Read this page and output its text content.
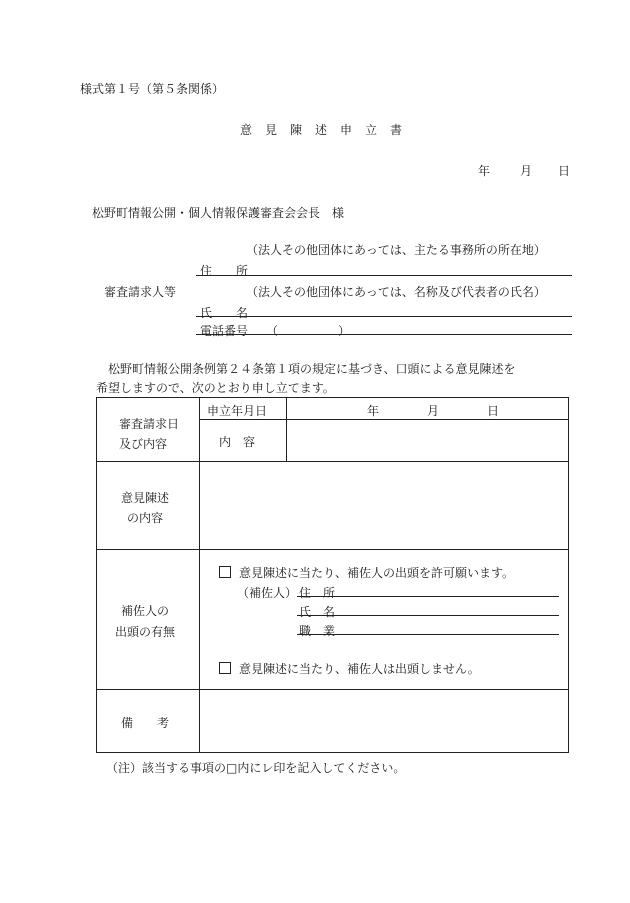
様式第１号（第５条関係）
意見陳述申立書
年 月 日
松野町情報公開・個人情報保護審査会会長　様
（法人その他団体にあっては、主たる事務所の所在地）
住　　所
審査請求人等	（法人その他団体にあっては、名称及び代表者の氏名）
氏　　名
電話番号　　（　　　　　）
　松野町情報公開条例第２４条第１項の規定に基づき、口頭による意見陳述を
希望しますので、次のとおり申し立てます。
審査請求日
及び内容
申立年月日	年　　　　月　　　　日
内　容
意見陳述
の内容
補佐人の
出頭の有無
意見陳述に当たり、補佐人の出頭を許可願います。
（補佐人） 住　所
氏　名
職　業
意見陳述に当たり、補佐人は出頭しません。
備　　考
（注）該当する事項の□内にレ印を記入してください。
